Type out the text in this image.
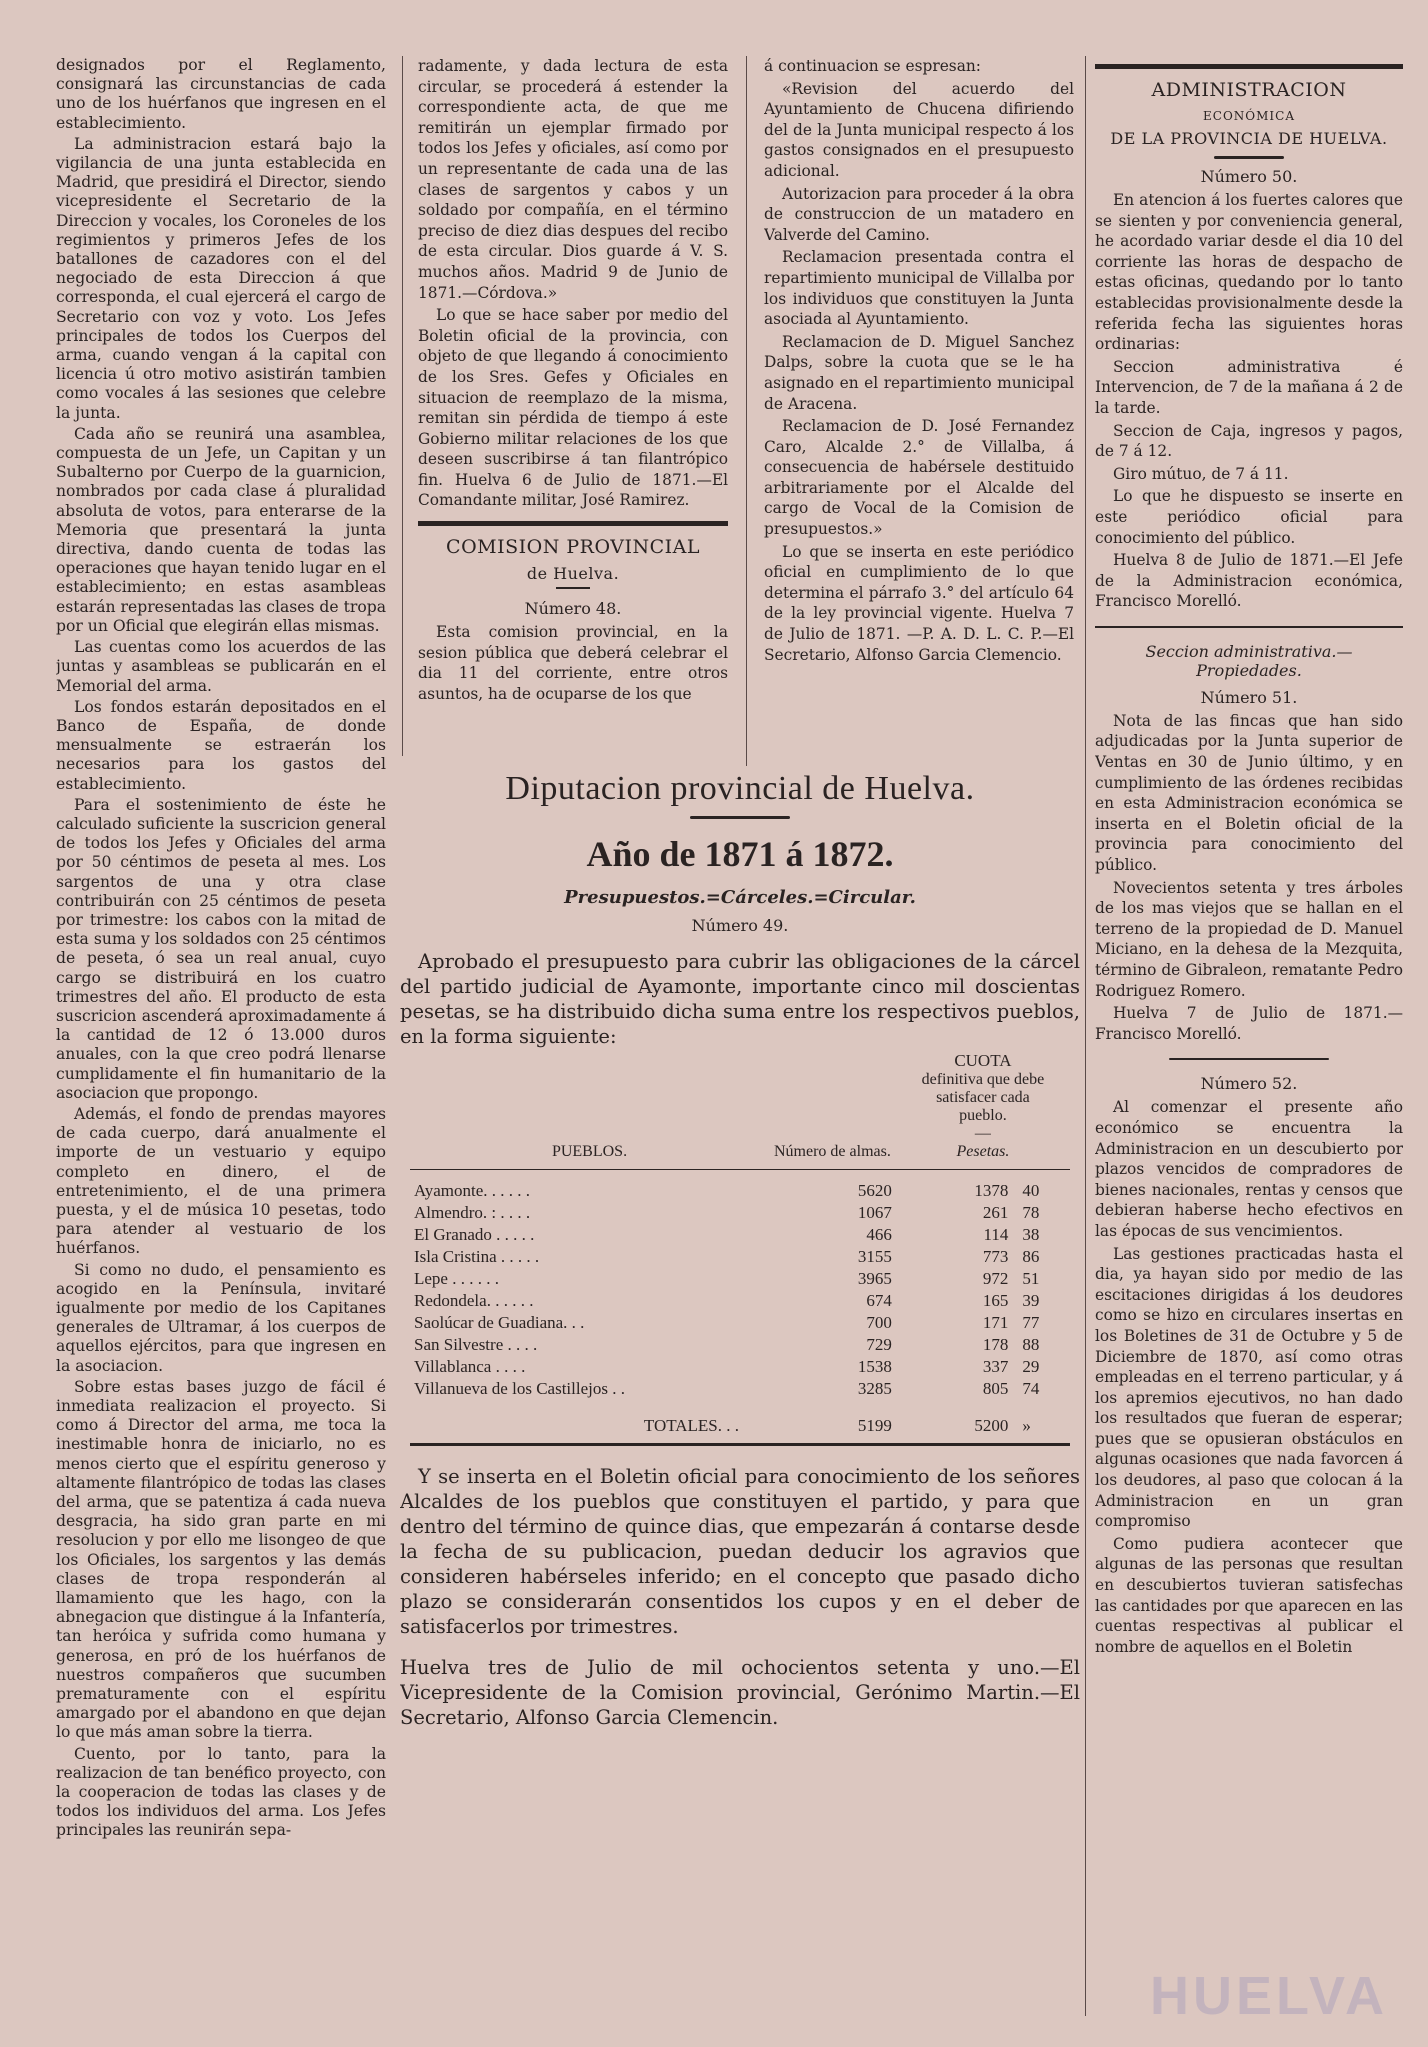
designados por el Reglamento, consignará las circunstancias de cada uno de los huérfanos que ingresen en el establecimiento.

La administracion estará bajo la vigilancia de una junta establecida en Madrid, que presidirá el Director, siendo vicepresidente el Secretario de la Direccion y vocales, los Coroneles de los regimientos y primeros Jefes de los batallones de cazadores con el del negociado de esta Direccion á que corresponda, el cual ejercerá el cargo de Secretario con voz y voto. Los Jefes principales de todos los Cuerpos del arma, cuando vengan á la capital con licencia ú otro motivo asistirán tambien como vocales á las sesiones que celebre la junta.

Cada año se reunirá una asamblea, compuesta de un Jefe, un Capitan y un Subalterno por Cuerpo de la guarnicion, nombrados por cada clase á pluralidad absoluta de votos, para enterarse de la Memoria que presentará la junta directiva, dando cuenta de todas las operaciones que hayan tenido lugar en el establecimiento; en estas asambleas estarán representadas las clases de tropa por un Oficial que elegirán ellas mismas.

Las cuentas como los acuerdos de las juntas y asambleas se publicarán en el Memorial del arma.

Los fondos estarán depositados en el Banco de España, de donde mensualmente se estraerán los necesarios para los gastos del establecimiento.

Para el sostenimiento de éste he calculado suficiente la suscricion general de todos los Jefes y Oficiales del arma por 50 céntimos de peseta al mes. Los sargentos de una y otra clase contribuirán con 25 céntimos de peseta por trimestre: los cabos con la mitad de esta suma y los soldados con 25 céntimos de peseta, ó sea un real anual, cuyo cargo se distribuirá en los cuatro trimestres del año. El producto de esta suscricion ascenderá aproximadamente á la cantidad de 12 ó 13.000 duros anuales, con la que creo podrá llenarse cumplidamente el fin humanitario de la asociacion que propongo.

Además, el fondo de prendas mayores de cada cuerpo, dará anualmente el importe de un vestuario y equipo completo en dinero, el de entretenimiento, el de una primera puesta, y el de música 10 pesetas, todo para atender al vestuario de los huérfanos.

Si como no dudo, el pensamiento es acogido en la Península, invitaré igualmente por medio de los Capitanes generales de Ultramar, á los cuerpos de aquellos ejércitos, para que ingresen en la asociacion.

Sobre estas bases juzgo de fácil é inmediata realizacion el proyecto. Si como á Director del arma, me toca la inestimable honra de iniciarlo, no es menos cierto que el espíritu generoso y altamente filantrópico de todas las clases del arma, que se patentiza á cada nueva desgracia, ha sido gran parte en mi resolucion y por ello me lisongeo de que los Oficiales, los sargentos y las demás clases de tropa responderán al llamamiento que les hago, con la abnegacion que distingue á la Infantería, tan heróica y sufrida como humana y generosa, en pró de los huérfanos de nuestros compañeros que sucumben prematuramente con el espíritu amargado por el abandono en que dejan lo que más aman sobre la tierra.

Cuento, por lo tanto, para la realizacion de tan benéfico proyecto, con la cooperacion de todas las clases y de todos los individuos del arma. Los Jefes principales las reunirán sepa-

radamente, y dada lectura de esta circular, se procederá á estender la correspondiente acta, de que me remitirán un ejemplar firmado por todos los Jefes y oficiales, así como por un representante de cada una de las clases de sargentos y cabos y un soldado por compañía, en el término preciso de diez dias despues del recibo de esta circular. Dios guarde á V. S. muchos años. Madrid 9 de Junio de 1871.—Córdova.»

Lo que se hace saber por medio del Boletin oficial de la provincia, con objeto de que llegando á conocimiento de los Sres. Gefes y Oficiales en situacion de reemplazo de la misma, remitan sin pérdida de tiempo á este Gobierno militar relaciones de los que deseen suscribirse á tan filantrópico fin. Huelva 6 de Julio de 1871.—El Comandante militar, José Ramirez.

COMISION PROVINCIAL
de Huelva.
Número 48.

Esta comision provincial, en la sesion pública que deberá celebrar el dia 11 del corriente, entre otros asuntos, ha de ocuparse de los que

á continuacion se espresan:

«Revision del acuerdo del Ayuntamiento de Chucena difiriendo del de la Junta municipal respecto á los gastos consignados en el presupuesto adicional.

Autorizacion para proceder á la obra de construccion de un matadero en Valverde del Camino.

Reclamacion presentada contra el repartimiento municipal de Villalba por los individuos que constituyen la Junta asociada al Ayuntamiento.

Reclamacion de D. Miguel Sanchez Dalps, sobre la cuota que se le ha asignado en el repartimiento municipal de Aracena.

Reclamacion de D. José Fernandez Caro, Alcalde 2.° de Villalba, á consecuencia de habérsele destituido arbitrariamente por el Alcalde del cargo de Vocal de la Comision de presupuestos.»

Lo que se inserta en este periódico oficial en cumplimiento de lo que determina el párrafo 3.° del artículo 64 de la ley provincial vigente. Huelva 7 de Julio de 1871. —P. A. D. L. C. P.—El Secretario, Alfonso Garcia Clemencio.

Diputacion provincial de Huelva.
Año de 1871 á 1872.
Presupuestos.=Cárceles.=Circular.
Número 49.

Aprobado el presupuesto para cubrir las obligaciones de la cárcel del partido judicial de Ayamonte, importante cinco mil doscientas pesetas, se ha distribuido dicha suma entre los respectivos pueblos, en la forma siguiente:

PUEBLOS.	Número de almas.	CUOTA
definitiva que debe satisfacer cada pueblo.
—
Pesetas.	

Ayamonte. . . . . .	5620	1378	40
Almendro. : . . . .	1067	261	78
El Granado . . . . .	466	114	38
Isla Cristina . . . . .	3155	773	86
Lepe . . . . . .	3965	972	51
Redondela. . . . . .	674	165	39
Saolúcar de Guadiana. . .	700	171	77
San Silvestre . . . .	729	178	88
Villablanca . . . .	1538	337	29
Villanueva de los Castillejos . .	3285	805	74
TOTALES. . .	5199	5200	»

Y se inserta en el Boletin oficial para conocimiento de los señores Alcaldes de los pueblos que constituyen el partido, y para que dentro del término de quince dias, que empezarán á contarse desde la fecha de su publicacion, puedan deducir los agravios que consideren habérseles inferido; en el concepto que pasado dicho plazo se considerarán consentidos los cupos y en el deber de satisfacerlos por trimestres.

Huelva tres de Julio de mil ochocientos setenta y uno.—El Vicepresidente de la Comision provincial, Gerónimo Martin.—El Secretario, Alfonso Garcia Clemencin.

ADMINISTRACION
ECONÓMICA
DE LA PROVINCIA DE HUELVA.
Número 50.

En atencion á los fuertes calores que se sienten y por conveniencia general, he acordado variar desde el dia 10 del corriente las horas de despacho de estas oficinas, quedando por lo tanto establecidas provisionalmente desde la referida fecha las siguientes horas ordinarias:

Seccion administrativa é Intervencion, de 7 de la mañana á 2 de la tarde.

Seccion de Caja, ingresos y pagos, de 7 á 12.

Giro mútuo, de 7 á 11.

Lo que he dispuesto se inserte en este periódico oficial para conocimiento del público.

Huelva 8 de Julio de 1871.—El Jefe de la Administracion económica, Francisco Morelló.

Seccion administrativa.—Propiedades.
Número 51.

Nota de las fincas que han sido adjudicadas por la Junta superior de Ventas en 30 de Junio último, y en cumplimiento de las órdenes recibidas en esta Administracion económica se inserta en el Boletin oficial de la provincia para conocimiento del público.

Novecientos setenta y tres árboles de los mas viejos que se hallan en el terreno de la propiedad de D. Manuel Miciano, en la dehesa de la Mezquita, término de Gibraleon, rematante Pedro Rodriguez Romero.

Huelva 7 de Julio de 1871.—Francisco Morelló.

Número 52.

Al comenzar el presente año económico se encuentra la Administracion en un descubierto por plazos vencidos de compradores de bienes nacionales, rentas y censos que debieran haberse hecho efectivos en las épocas de sus vencimientos.

Las gestiones practicadas hasta el dia, ya hayan sido por medio de las escitaciones dirigidas á los deudores como se hizo en circulares insertas en los Boletines de 31 de Octubre y 5 de Diciembre de 1870, así como otras empleadas en el terreno particular, y á los apremios ejecutivos, no han dado los resultados que fueran de esperar; pues que se opusieran obstáculos en algunas ocasiones que nada favorcen á los deudores, al paso que colocan á la Administracion en un gran compromiso

Como pudiera acontecer que algunas de las personas que resultan en descubiertos tuvieran satisfechas las cantidades por que aparecen en las cuentas respectivas al publicar el nombre de aquellos en el Boletin

HUELVA
